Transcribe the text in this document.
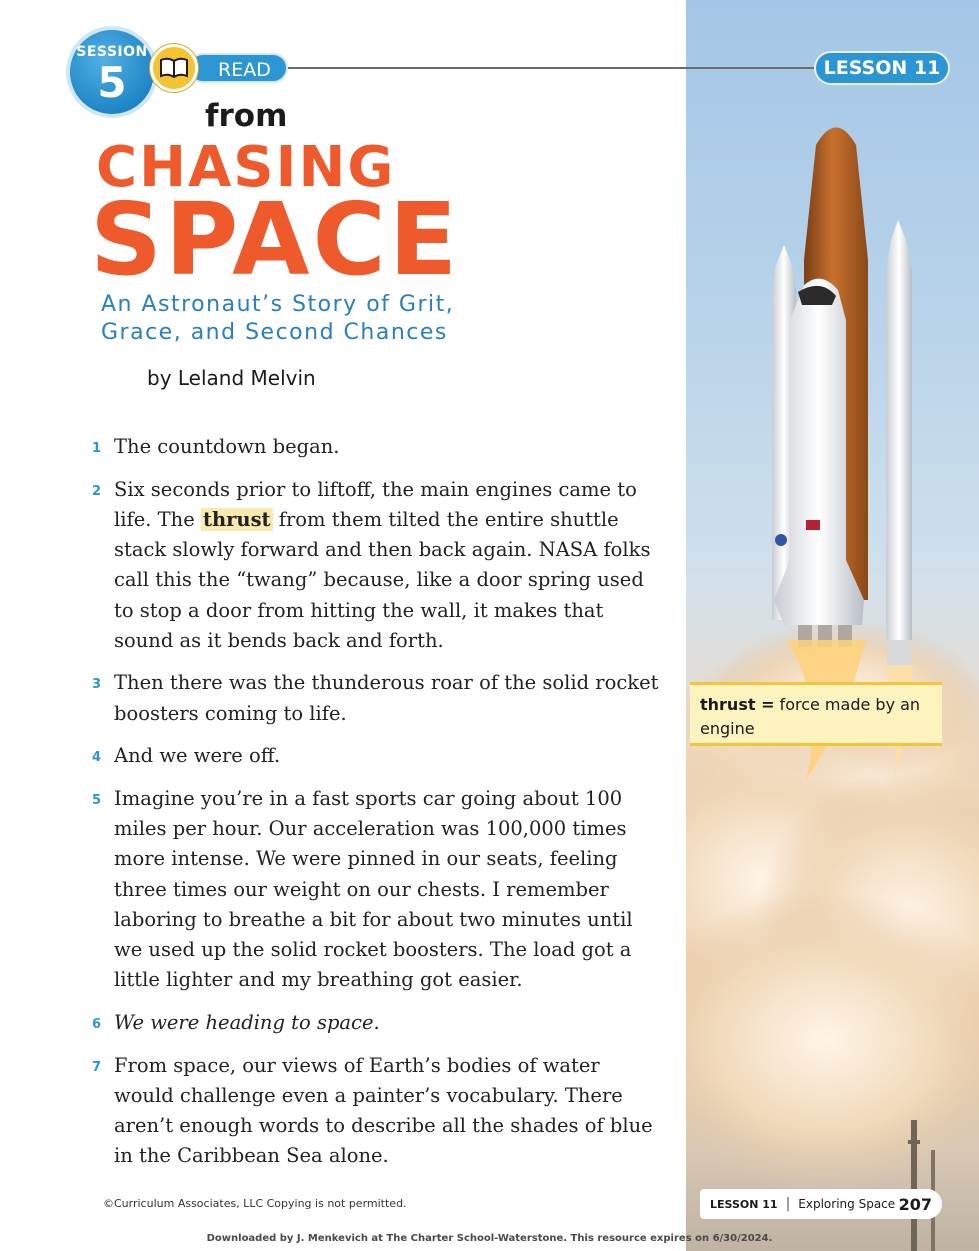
SESSION
5	READ	LESSON 11
from
CHASING
SPACE
An Astronaut’s Story of Grit,
Grace, and Second Chances
by Leland Melvin
1 The countdown began.
2 Six seconds prior to liftoff, the main engines came to life. The thrust from them tilted the entire shuttle stack slowly forward and then back again. NASA folks call this the “twang” because, like a door spring used to stop a door from hitting the wall, it makes that sound as it bends back and forth.
3 Then there was the thunderous roar of the solid rocket boosters coming to life.
4 And we were off.
5 Imagine you’re in a fast sports car going about 100 miles per hour. Our acceleration was 100,000 times more intense. We were pinned in our seats, feeling three times our weight on our chests. I remember laboring to breathe a bit for about two minutes until we used up the solid rocket boosters. The load got a little lighter and my breathing got easier.
6 We were heading to space.
7 From space, our views of Earth’s bodies of water would challenge even a painter’s vocabulary. There aren’t enough words to describe all the shades of blue in the Caribbean Sea alone.
thrust = force made by an engine
©Curriculum Associates, LLC Copying is not permitted.	LESSON 11 | Exploring Space 207
Downloaded by J. Menkevich at The Charter School-Waterstone. This resource expires on 6/30/2024.
